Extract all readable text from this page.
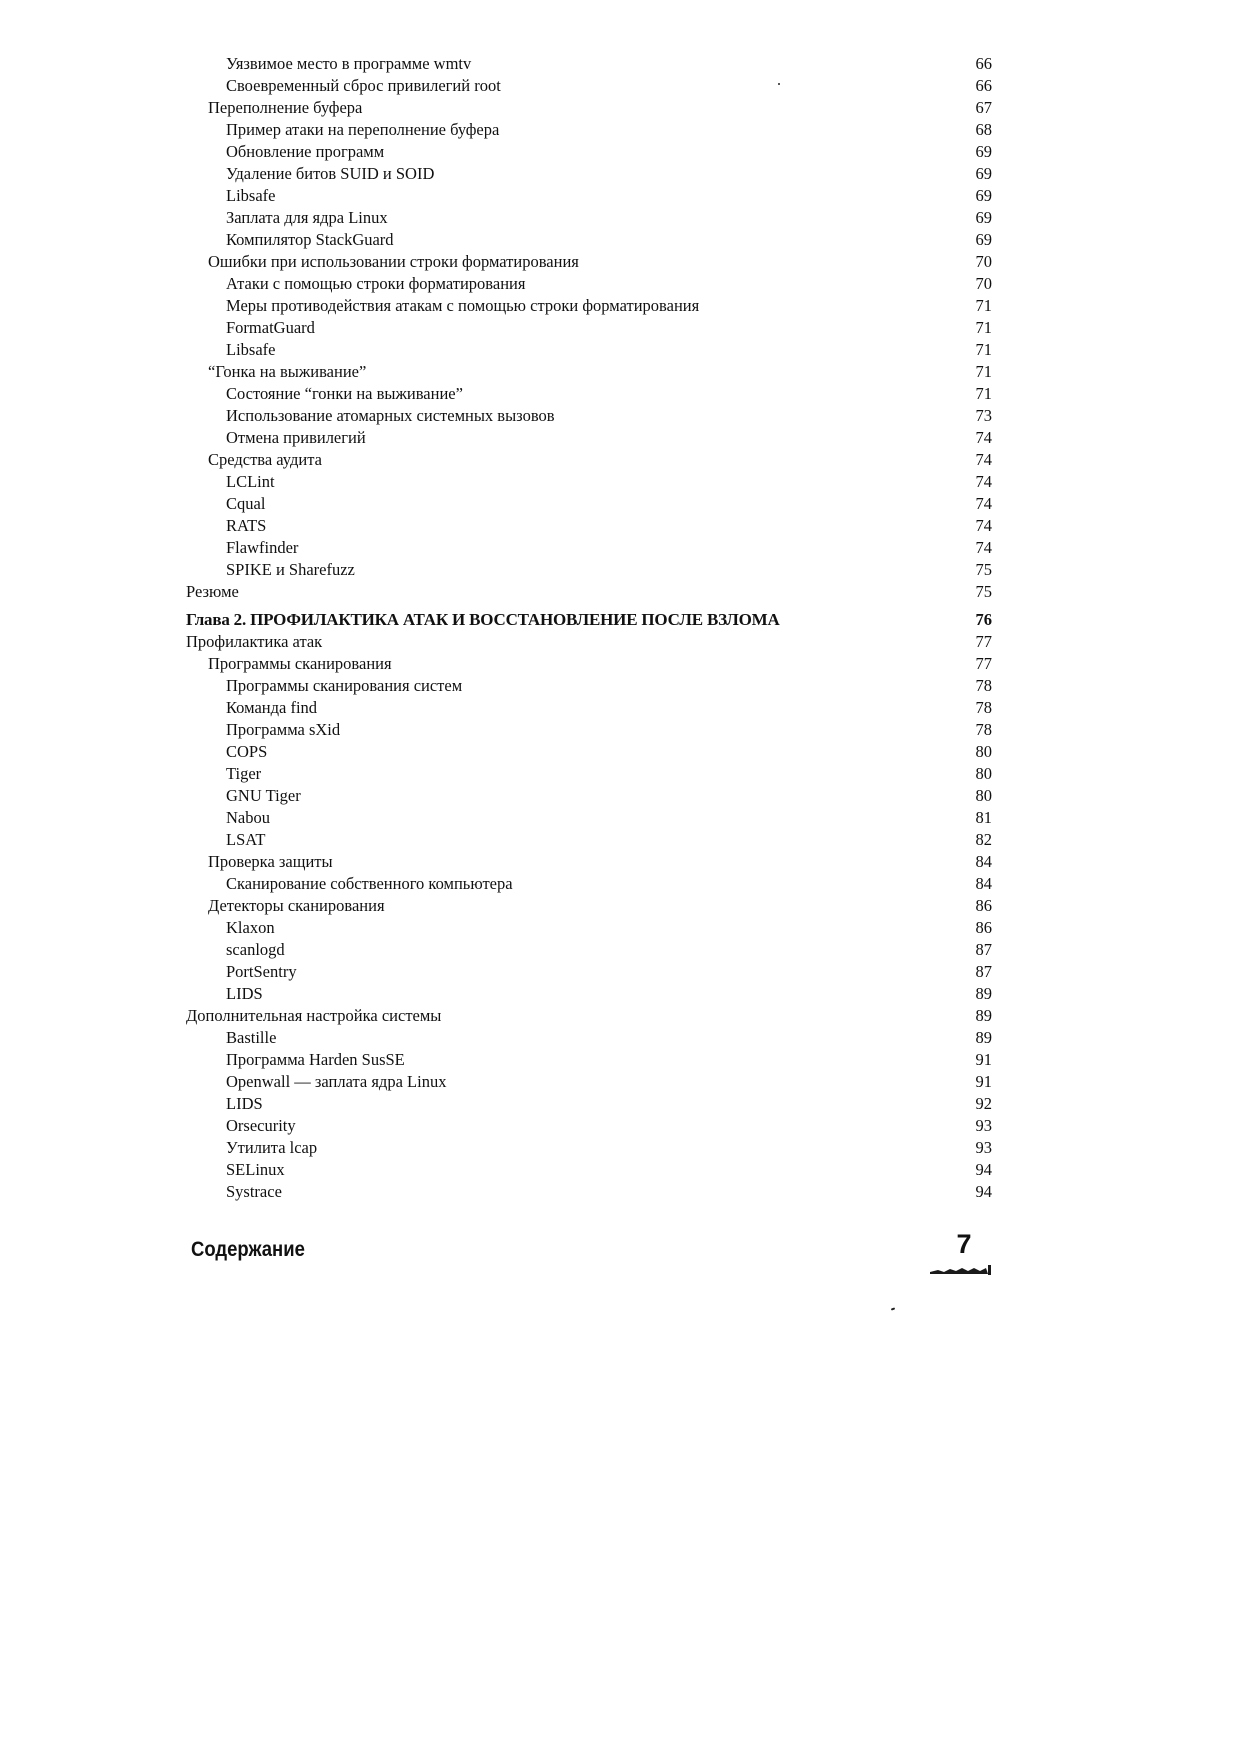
Уязвимое место в программе wmtv	66
Своевременный сброс привилегий root	66
Переполнение буфера	67
Пример атаки на переполнение буфера	68
Обновление программ	69
Удаление битов SUID и SOID	69
Libsafe	69
Заплата для ядра Linux	69
Компилятор StackGuard	69
Ошибки при использовании строки форматирования	70
Атаки с помощью строки форматирования	70
Меры противодействия атакам с помощью строки форматирования	71
FormatGuard	71
Libsafe	71
“Гонка на выживание”	71
Состояние “гонки на выживание”	71
Использование атомарных системных вызовов	73
Отмена привилегий	74
Средства аудита	74
LCLint	74
Cqual	74
RATS	74
Flawfinder	74
SPIKE и Sharefuzz	75
Резюме	75
Глава 2. ПРОФИЛАКТИКА АТАК И ВОССТАНОВЛЕНИЕ ПОСЛЕ ВЗЛОМА	76
Профилактика атак	77
Программы сканирования	77
Программы сканирования систем	78
Команда find	78
Программа sXid	78
COPS	80
Tiger	80
GNU Tiger	80
Nabou	81
LSAT	82
Проверка защиты	84
Сканирование собственного компьютера	84
Детекторы сканирования	86
Klaxon	86
scanlogd	87
PortSentry	87
LIDS	89
Дополнительная настройка системы	89
Bastille	89
Программа Harden SusSE	91
Openwall — заплата ядра Linux	91
LIDS	92
Orsecurity	93
Утилита lcap	93
SELinux	94
Systrace	94
Содержание	7
